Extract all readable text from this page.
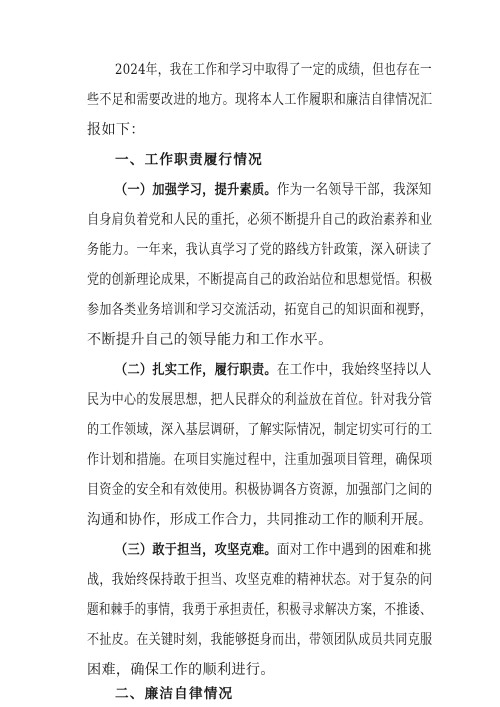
2024年，我在工作和学习中取得了一定的成绩，但也存在一
些不足和需要改进的地方。现将本人工作履职和廉洁自律情况汇
报如下：
一、工作职责履行情况
（一）加强学习，提升素质。作为一名领导干部，我深知
自身肩负着党和人民的重托，必须不断提升自己的政治素养和业
务能力。一年来，我认真学习了党的路线方针政策，深入研读了
党的创新理论成果，不断提高自己的政治站位和思想觉悟。积极
参加各类业务培训和学习交流活动，拓宽自己的知识面和视野，
不断提升自己的领导能力和工作水平。
（二）扎实工作，履行职责。在工作中，我始终坚持以人
民为中心的发展思想，把人民群众的利益放在首位。针对我分管
的工作领域，深入基层调研，了解实际情况，制定切实可行的工
作计划和措施。在项目实施过程中，注重加强项目管理，确保项
目资金的安全和有效使用。积极协调各方资源，加强部门之间的
沟通和协作，形成工作合力，共同推动工作的顺利开展。
（三）敢于担当，攻坚克难。面对工作中遇到的困难和挑
战，我始终保持敢于担当、攻坚克难的精神状态。对于复杂的问
题和棘手的事情，我勇于承担责任，积极寻求解决方案，不推诿、
不扯皮。在关键时刻，我能够挺身而出，带领团队成员共同克服
困难，确保工作的顺利进行。
二、廉洁自律情况
